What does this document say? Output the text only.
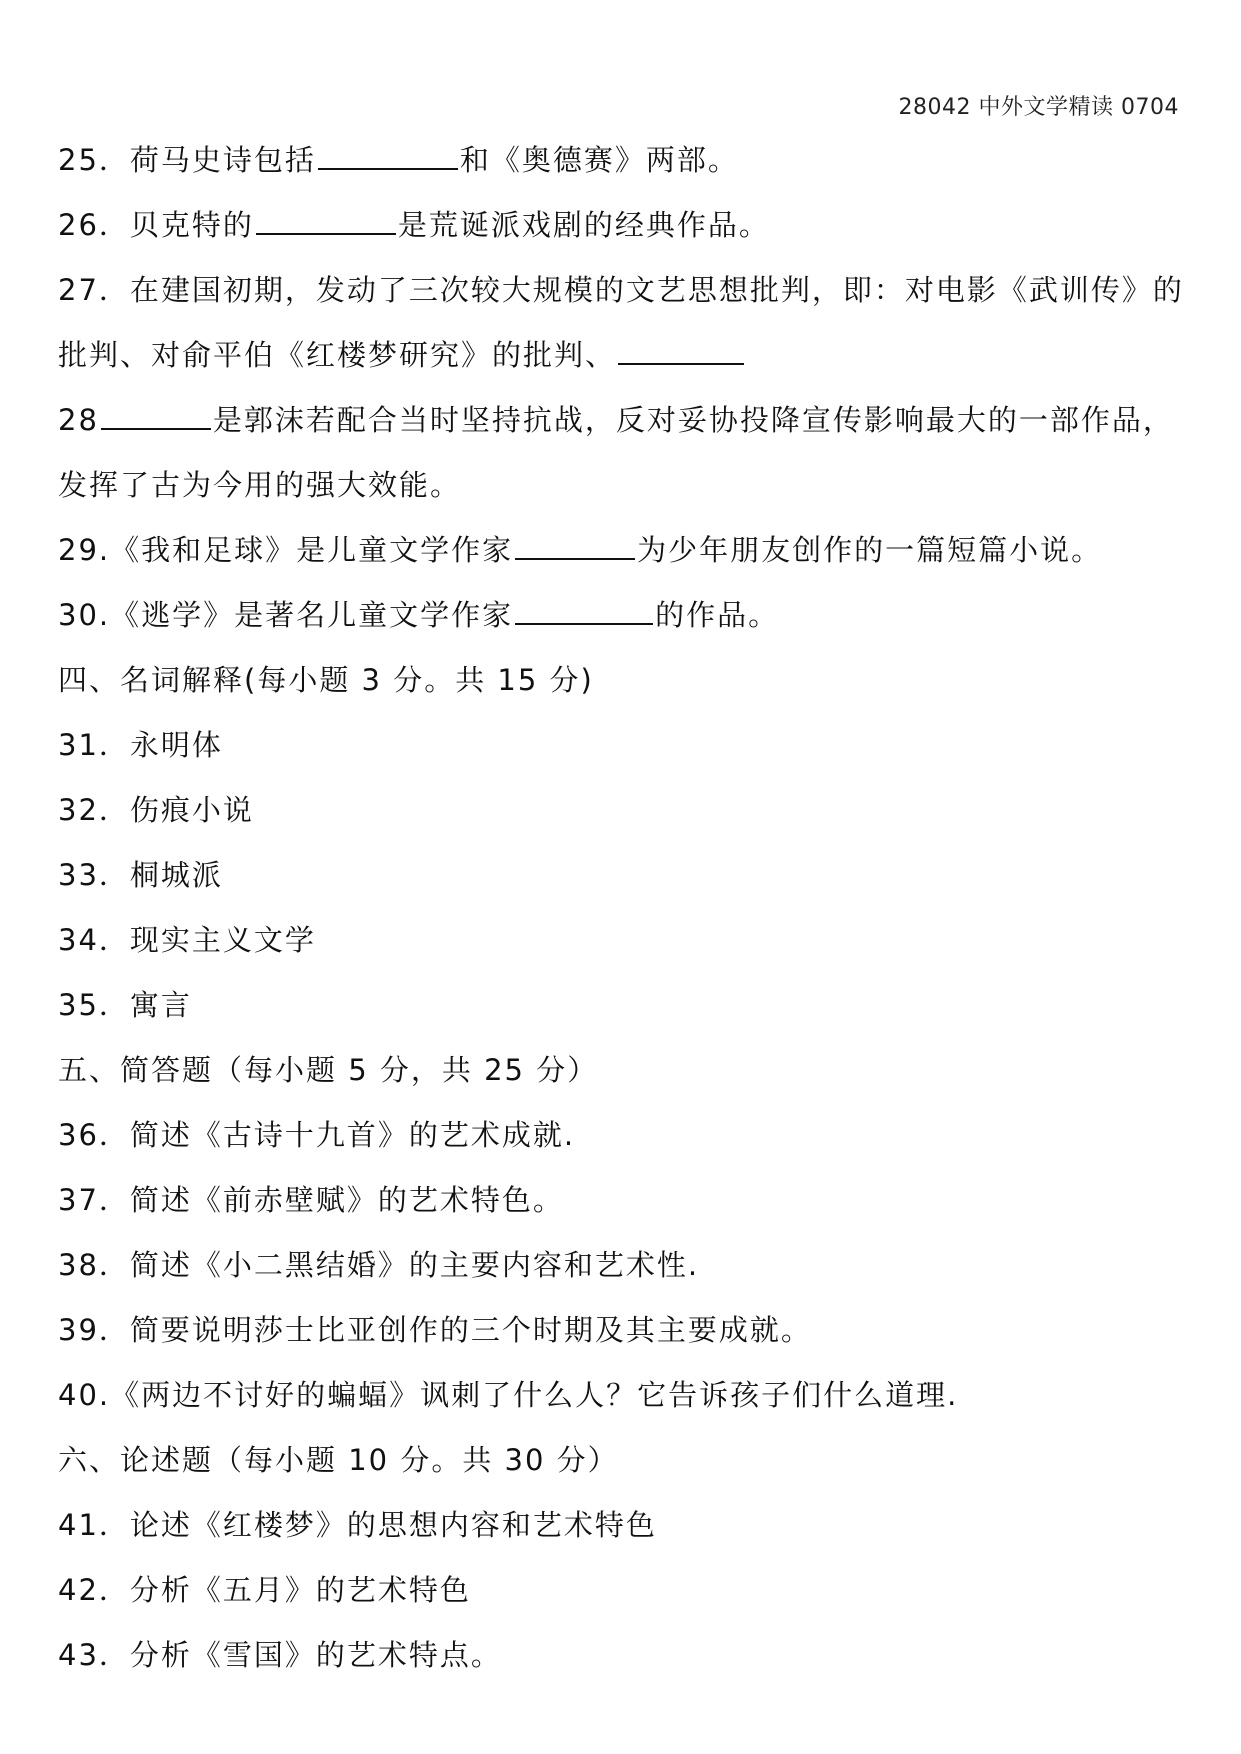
28042 中外文学精读 0704
25．荷马史诗包括	和《奥德赛》两部。
26．贝克特的	是荒诞派戏剧的经典作品。
27．在建国初期，发动了三次较大规模的文艺思想批判，即：对电影《武训传》的
批判、对俞平伯《红楼梦研究》的批判、
28	是郭沫若配合当时坚持抗战，反对妥协投降宣传影响最大的一部作品，
发挥了古为今用的强大效能。
29.《我和足球》是儿童文学作家	为少年朋友创作的一篇短篇小说。
30.《逃学》是著名儿童文学作家	的作品。
四、名词解释(每小题 3 分。共 15 分)
31．永明体
32．伤痕小说
33．桐城派
34．现实主义文学
35．寓言
五、简答题（每小题 5 分，共 25 分）
36．简述《古诗十九首》的艺术成就.
37．简述《前赤壁赋》的艺术特色。
38．简述《小二黑结婚》的主要内容和艺术性.
39．简要说明莎士比亚创作的三个时期及其主要成就。
40.《两边不讨好的蝙蝠》讽刺了什么人？它告诉孩子们什么道理.
六、论述题（每小题 10 分。共 30 分）
41．论述《红楼梦》的思想内容和艺术特色
42．分析《五月》的艺术特色
43．分析《雪国》的艺术特点。
